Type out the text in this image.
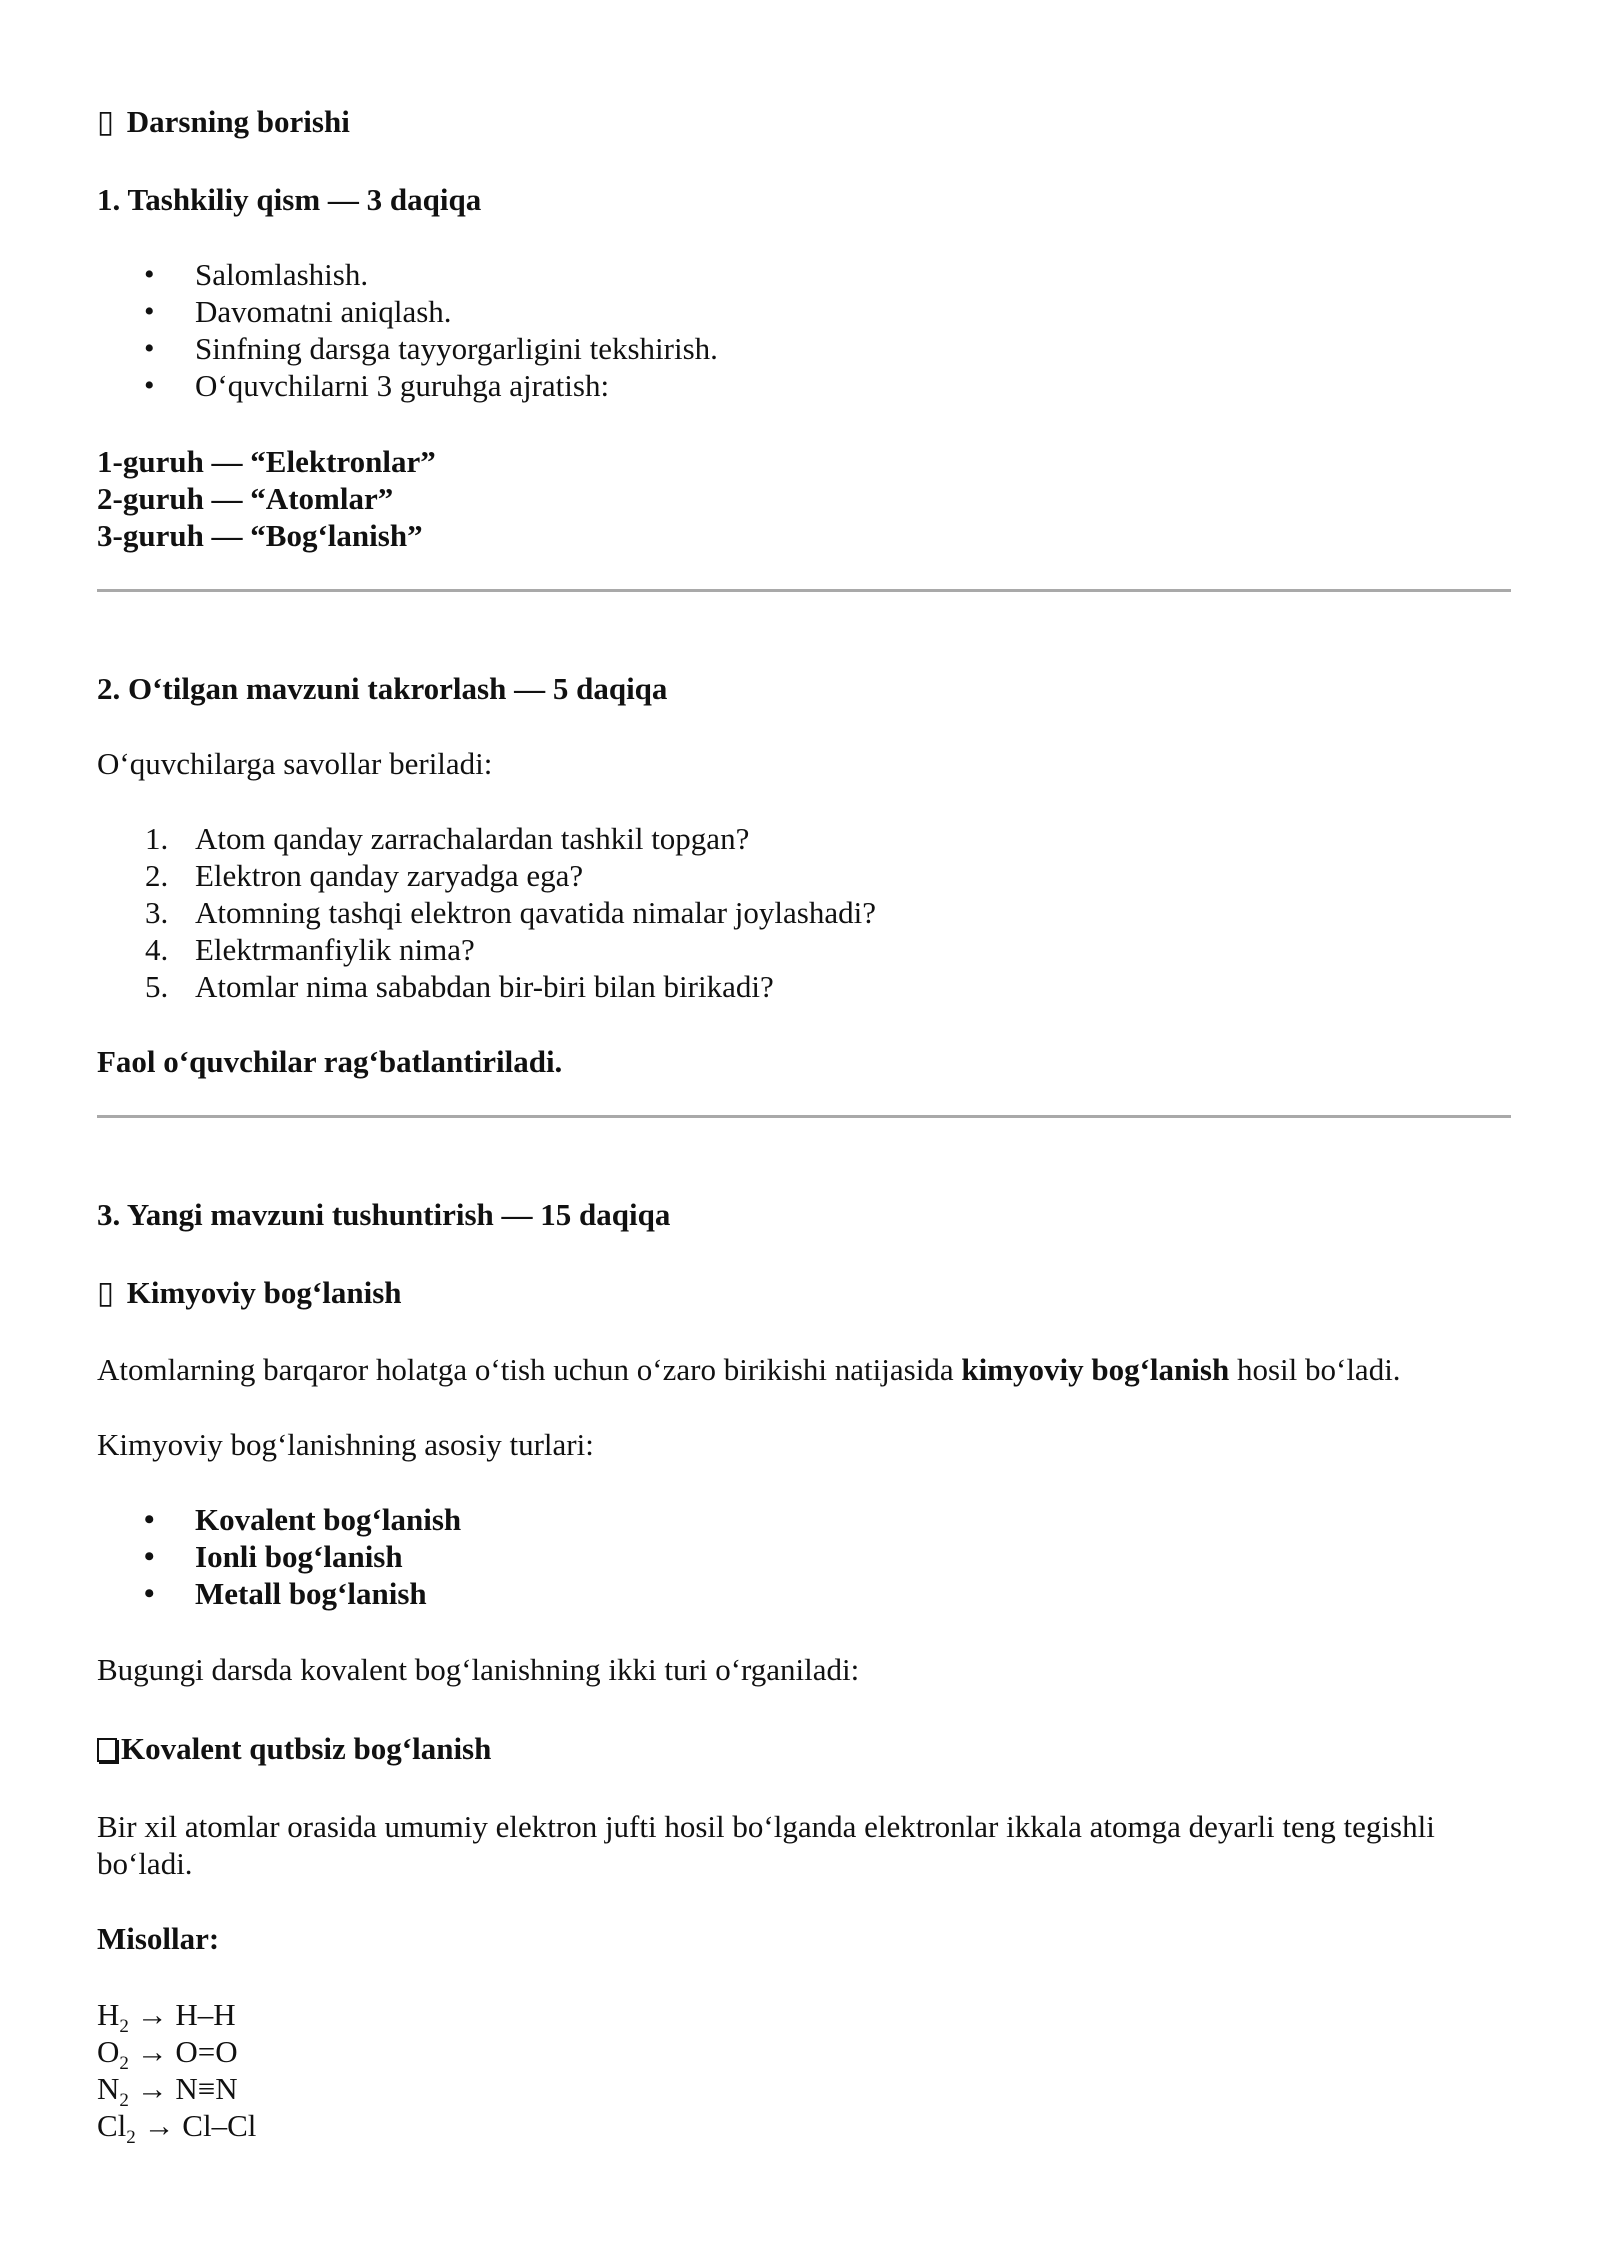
▯ Darsning borishi

1. Tashkiliy qism — 3 daqiqa

• Salomlashish.
• Davomatni aniqlash.
• Sinfning darsga tayyorgarligini tekshirish.
• O‘quvchilarni 3 guruhga ajratish:
1-guruh — “Elektronlar”
2-guruh — “Atomlar”
3-guruh — “Bog‘lanish”

2. O‘tilgan mavzuni takrorlash — 5 daqiqa

O‘quvchilarga savollar beriladi:

1. Atom qanday zarrachalardan tashkil topgan?
2. Elektron qanday zaryadga ega?
3. Atomning tashqi elektron qavatida nimalar joylashadi?
4. Elektrmanfiylik nima?
5. Atomlar nima sababdan bir-biri bilan birikadi?

Faol o‘quvchilar rag‘batlantiriladi.

3. Yangi mavzuni tushuntirish — 15 daqiqa

▯ Kimyoviy bog‘lanish

Atomlarning barqaror holatga o‘tish uchun o‘zaro birikishi natijasida kimyoviy bog‘lanish hosil bo‘ladi.

Kimyoviy bog‘lanishning asosiy turlari:

• Kovalent bog‘lanish
• Ionli bog‘lanish
• Metall bog‘lanish

Bugungi darsda kovalent bog‘lanishning ikki turi o‘rganiladi:

Kovalent qutbsiz bog‘lanish

Bir xil atomlar orasida umumiy elektron jufti hosil bo‘lganda elektronlar ikkala atomga deyarli teng tegishli bo‘ladi.

Misollar:

$H_2 \to H-H$
$O_2 \to O=O$
$N_2 \to N\equiv N$
$Cl_2 \to Cl-Cl$
